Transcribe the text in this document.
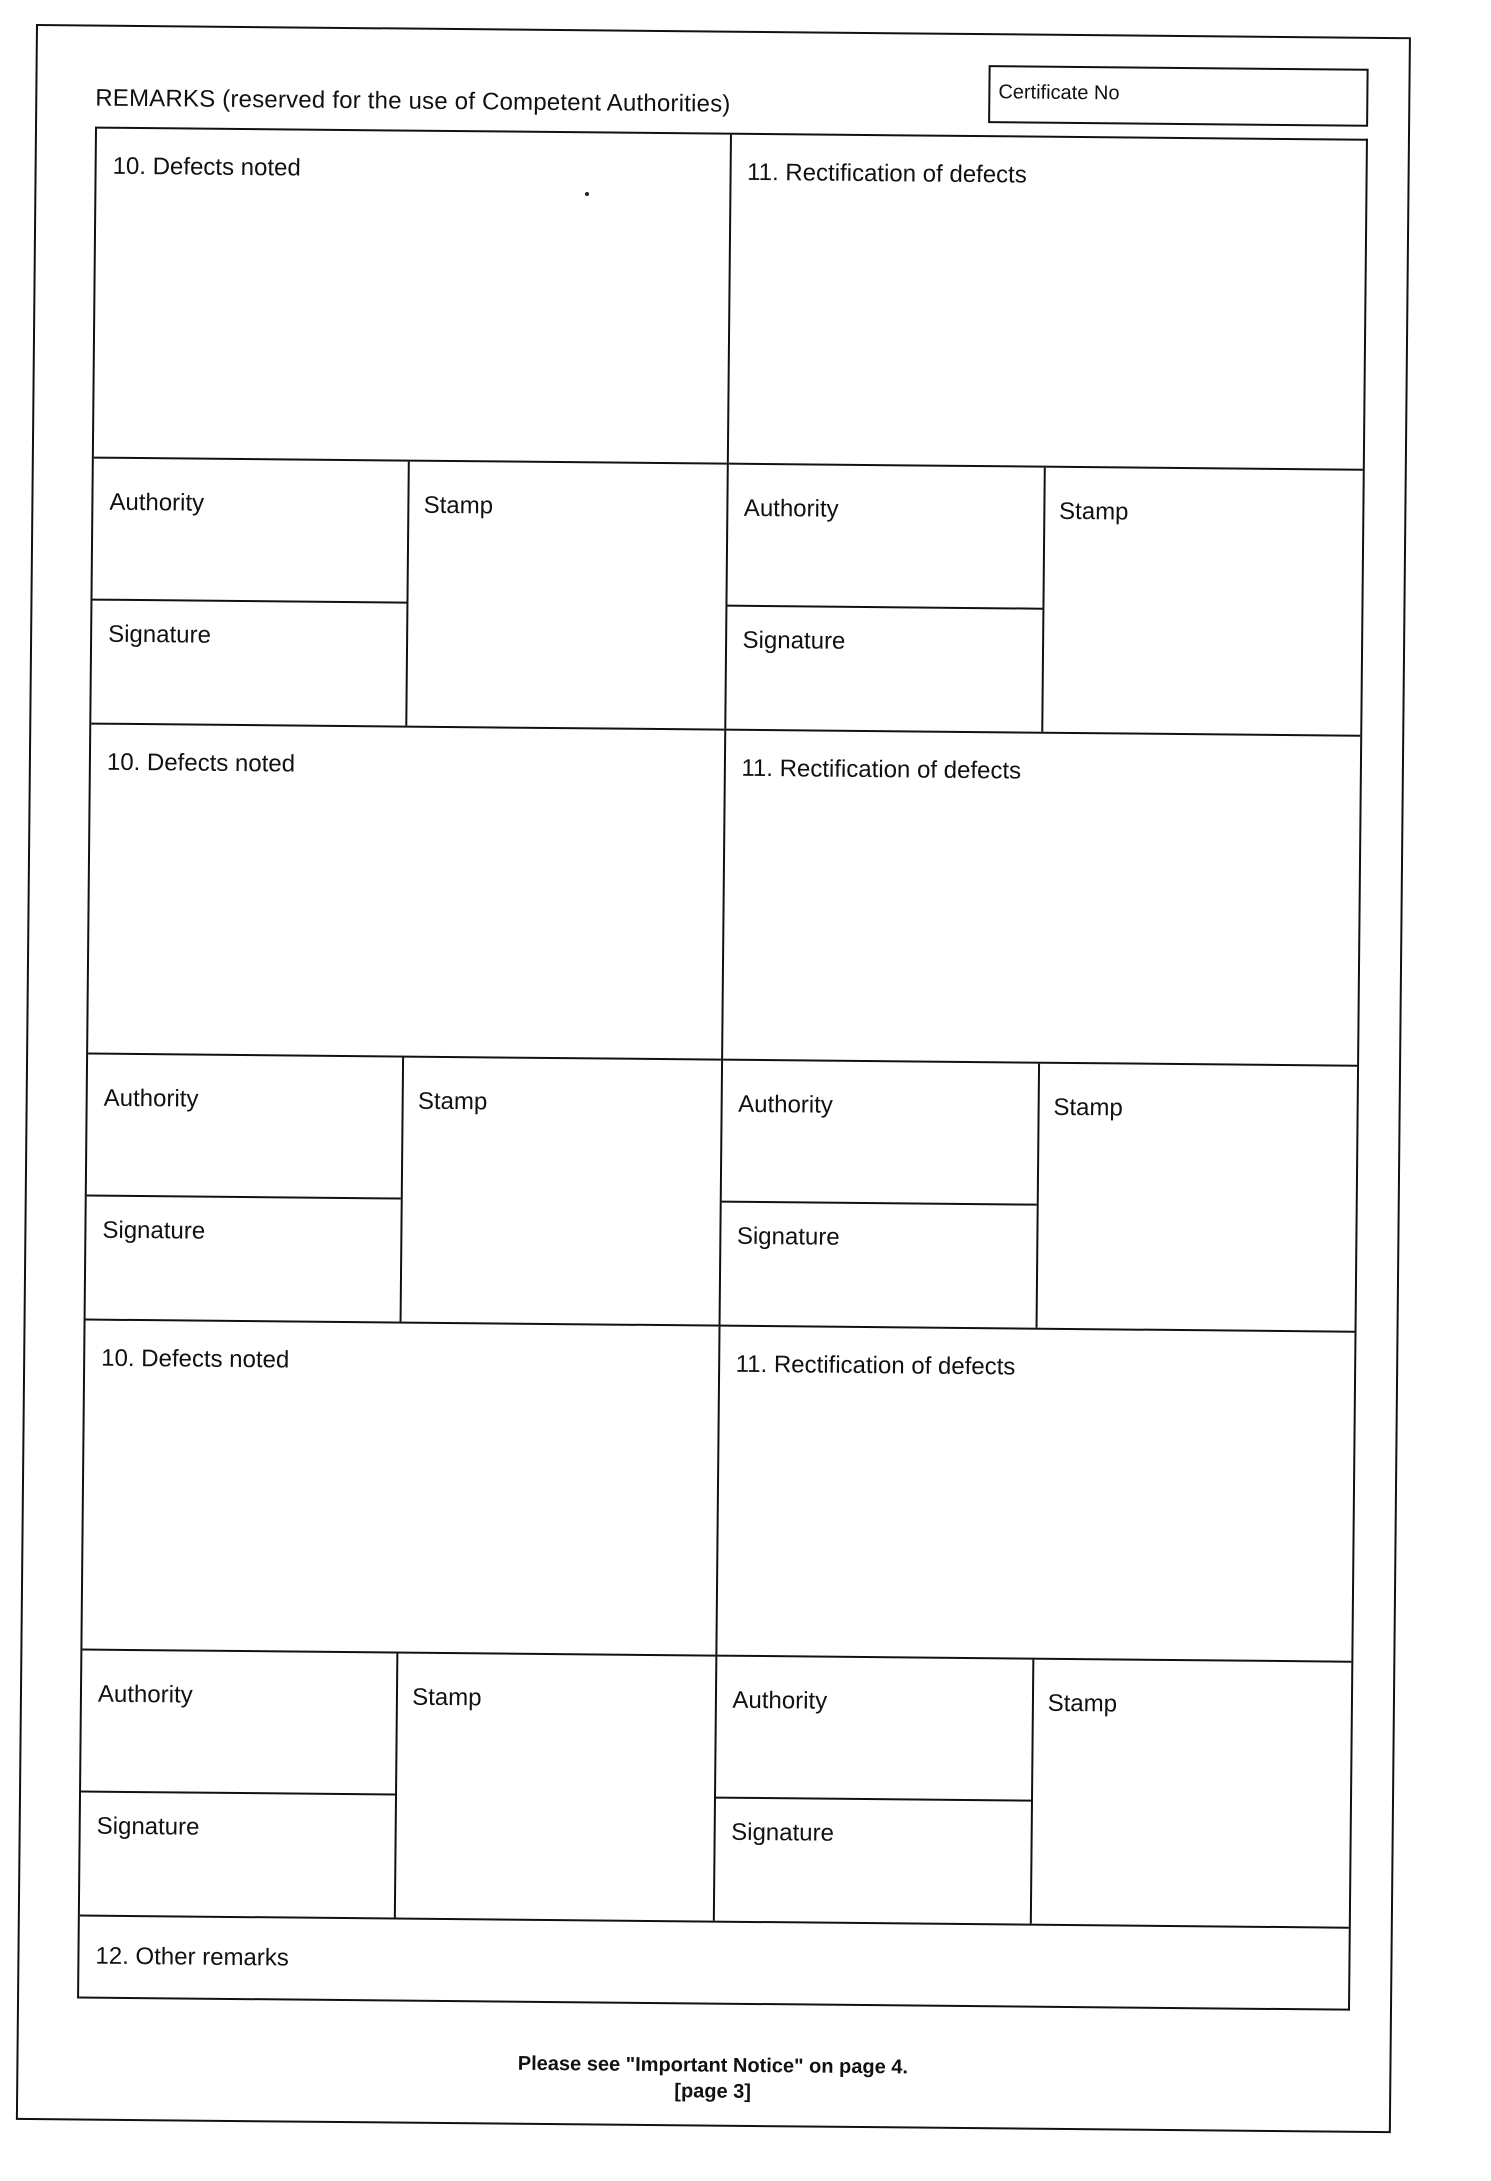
REMARKS (reserved for the use of Competent Authorities)	Certificate No
10. Defects noted
Authority
Signature
Stamp
11. Rectification of defects
Authority
Signature
Stamp
10. Defects noted
Authority
Signature
Stamp
11. Rectification of defects
Authority
Signature
Stamp
10. Defects noted
Authority
Signature
Stamp
11. Rectification of defects
Authority
Signature
Stamp
12. Other remarks
Please see "Important Notice" on page 4.
[page 3]
